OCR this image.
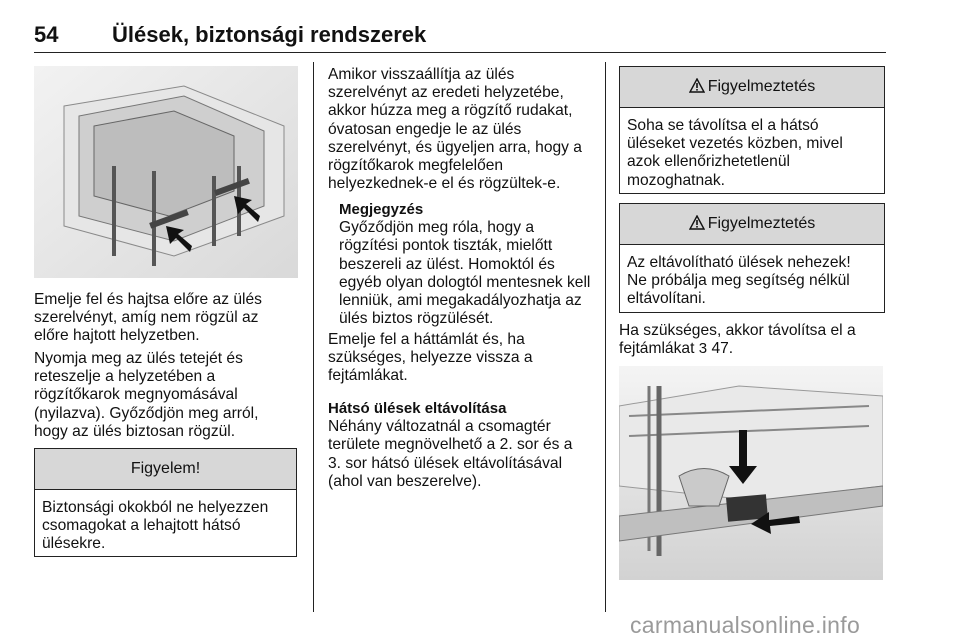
54 Ülések, biztonsági rendszerek

Emelje fel és hajtsa előre az ülés
szerelvényt, amíg nem rögzül az
előre hajtott helyzetben.

Nyomja meg az ülés tetejét és
reteszelje a helyzetében a
rögzítőkarok megnyomásával
(nyilazva). Győződjön meg arról,
hogy az ülés biztosan rögzül.

Figyelem!
Biztonsági okokból ne helyezzen
csomagokat a lehajtott hátsó
ülésekre.

Amikor visszaállítja az ülés
szerelvényt az eredeti helyzetébe,
akkor húzza meg a rögzítő rudakat,
óvatosan engedje le az ülés
szerelvényt, és ügyeljen arra, hogy a
rögzítőkarok megfelelően
helyezkednek-e el és rögzültek-e.

Megjegyzés
Győződjön meg róla, hogy a
rögzítési pontok tiszták, mielőtt
beszereli az ülést. Homoktól és
egyéb olyan dologtól mentesnek kell
lenniük, ami megakadályozhatja az
ülés biztos rögzülését.

Emelje fel a háttámlát és, ha
szükséges, helyezze vissza a
fejtámlákat.

Hátsó ülések eltávolítása
Néhány változatnál a csomagtér
területe megnövelhető a 2. sor és a
3. sor hátsó ülések eltávolításával
(ahol van beszerelve).

Figyelmeztetés
Soha se távolítsa el a hátsó
üléseket vezetés közben, mivel
azok ellenőrizhetetlenül
mozoghatnak.
Figyelmeztetés
Az eltávolítható ülések nehezek!
Ne próbálja meg segítség nélkül
eltávolítani.

Ha szükséges, akkor távolítsa el a
fejtámlákat 3 47.

carmanualsonline.info
